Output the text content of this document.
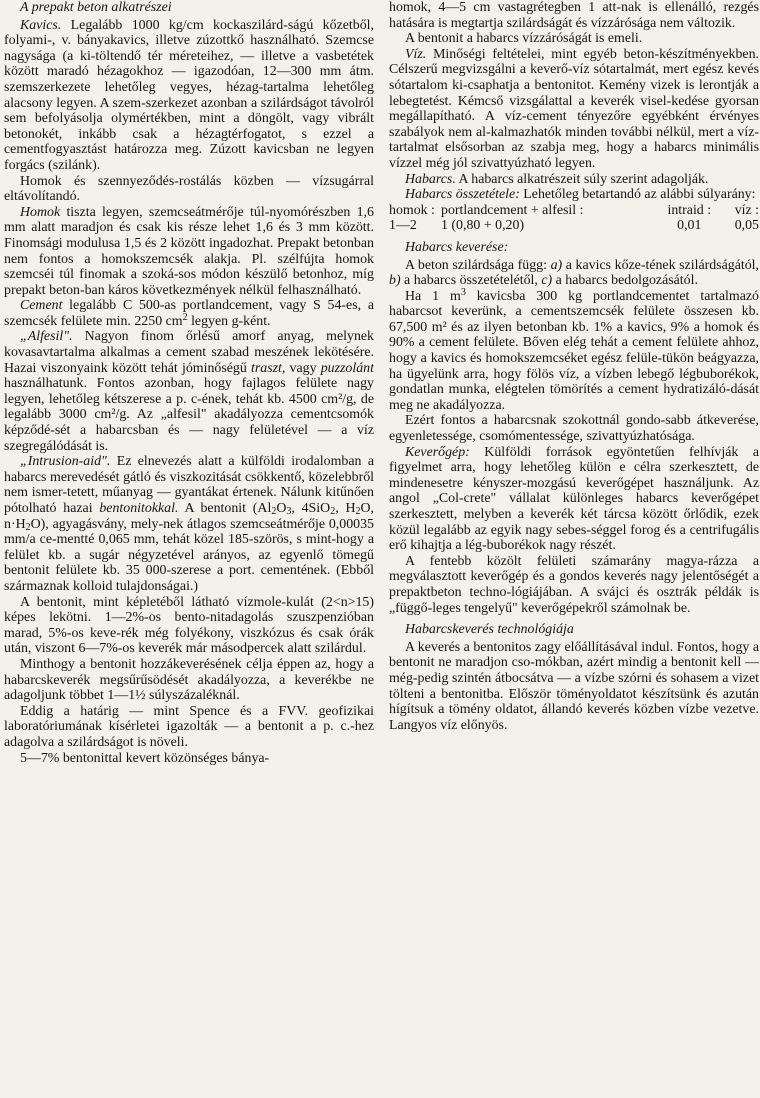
A prepakt beton alkatrészei

Kavics. Legalább 1000 kg/cm kockaszilárd-ságú kőzetből, folyami-, v. bányakavics, illetve zúzottkő használható. Szemcse nagysága (a ki-töltendő tér méreteihez, — illetve a vasbetétek között maradó hézagokhoz — igazodóan, 12—300 mm átm. szemszerkezete lehetőleg vegyes, hézag-tartalma lehetőleg alacsony legyen. A szem-szerkezet azonban a szilárdságot távolról sem befolyásolja olymértékben, mint a döngölt, vagy vibrált betonokét, inkább csak a hézagtérfogatot, s ezzel a cementfogyasztást határozza meg. Zúzott kavicsban ne legyen forgács (szilánk).

Homok és szennyeződés-rostálás közben — vízsugárral eltávolítandó.

Homok tiszta legyen, szemcseátmérője túl-nyomórészben 1,6 mm alatt maradjon és csak kis része lehet 1,6 és 3 mm között. Finomsági modulusa 1,5 és 2 között ingadozhat. Prepakt betonban nem fontos a homokszemcsék alakja. Pl. szélfújta homok szemcséi túl finomak a szoká-sos módon készülő betonhoz, míg prepakt beton-ban káros következmények nélkül felhasználható.

Cement legalább C 500-as portlandcement, vagy S 54-es, a szemcsék felülete min. 2250 $cm^2$ legyen g-ként.

„Alfesil". Nagyon finom őrlésű amorf anyag, melynek kovasavtartalma alkalmas a cement szabad meszének lekötésére. Hazai viszonyaink között tehát jóminőségű traszt, vagy puzzolánt használhatunk. Fontos azonban, hogy fajlagos felülete nagy legyen, lehetőleg kétszerese a p. c-ének, tehát kb. 4500 cm²/g, de legalább 3000 cm²/g. Az „alfesil" akadályozza cementcsomók képződé-sét a habarcsban és — nagy felületével — a víz szegregálódását is.

„Intrusion-aid". Ez elnevezés alatt a külföldi irodalomban a habarcs merevedését gátló és viszkozitását csökkentő, közelebbről nem ismer-tetett, műanyag — gyantákat értenek. Nálunk kitűnően pótolható hazai bentonitokkal. A bentonit ($Al_2O_3$, 4SiO$_2$, $H_2O$, $n\cdot H_2O$), agyagásvány, mely-nek átlagos szemcseátmérője 0,00035 mm/a ce-mentté 0,065 mm, tehát közel 185-szörös, s mint-hogy a felület kb. a sugár négyzetével arányos, az egyenlő tömegű bentonit felülete kb. 35 000-szerese a port. cementének. (Ebből származnak kolloid tulajdonságai.)

A bentonit, mint képletéből látható vízmole-kulát (2<n>15) képes lekötni. 1—2%-os bento-nitadagolás szuszpenzióban marad, 5%-os keve-rék még folyékony, viszkózus és csak órák után, viszont 6—7%-os keverék már másodpercek alatt szilárdul.

Minthogy a bentonit hozzákeverésének célja éppen az, hogy a habarcskeverék megsűrűsödését akadályozza, a keverékbe ne adagoljunk többet 1—1½ súlyszázaléknál.

Eddig a határig — mint Spence és a FVV. geofizikai laboratóriumának kísérletei igazolták — a bentonit a p. c.-hez adagolva a szilárdságot is növeli.

5—7% bentonittal kevert közönséges bánya-

homok, 4—5 cm vastagrétegben 1 att-nak is ellenálló, rezgés hatására is megtartja szilárdságát és vízzárósága nem változik.

A bentonit a habarcs vízzáróságát is emeli.

Víz. Minőségi feltételei, mint egyéb beton-készítményekben. Célszerű megvizsgálni a keverő-víz sótartalmát, mert egész kevés sótartalom ki-csaphatja a bentonitot. Kemény vizek is lerontják a lebegtetést. Kémcső vizsgálattal a keverék visel-kedése gyorsan megállapítható. A víz-cement tényezőre egyébként érvényes szabályok nem al-kalmazhatók minden további nélkül, mert a víz-tartalmat elsősorban az szabja meg, hogy a habarcs minimális vízzel még jól szivattyúzható legyen.

Habarcs. A habarcs alkatrészeit súly szerint adagolják.

Habarcs összetétele: Lehetőleg betartandó az alábbi súlyarány:

homok :	portlandcement + alfesil :	intraid :	víz :
1—2	1 (0,80 + 0,20)	0,01	0,05
Habarcs keverése:

A beton szilárdsága függ: a) a kavics kőze-tének szilárdságától, b) a habarcs összetételétől, c) a habarcs bedolgozásától.

Ha 1 $m^3$ kavicsba 300 kg portlandcementet tartalmazó habarcsot keverünk, a cementszemcsék felülete összesen kb. 67,500 m² és az ilyen betonban kb. 1% a kavics, 9% a homok és 90% a cement felülete. Bőven elég tehát a cement felülete ahhoz, hogy a kavics és homokszemcséket egész felüle-tükön beágyazza, ha ügyelünk arra, hogy fölös víz, a vízben lebegő légbuborékok, gondatlan munka, elégtelen tömörítés a cement hydratizáló-dását meg ne akadályozza.

Ezért fontos a habarcsnak szokottnál gondo-sabb átkeverése, egyenletessége, csomómentessége, szivattyúzhatósága.

Keverőgép: Külföldi források egyöntetűen felhívják a figyelmet arra, hogy lehetőleg külön e célra szerkesztett, de mindenesetre kényszer-mozgású keverőgépet használjunk. Az angol „Col-crete" vállalat különleges habarcs keverőgépet szerkesztett, melyben a keverék két tárcsa között őrlődik, ezek közül legalább az egyik nagy sebes-séggel forog és a centrifugális erő kihajtja a lég-buborékok nagy részét.

A fentebb közölt felületi számarány magya-rázza a megválasztott keverőgép és a gondos keverés nagy jelentőségét a prepaktbeton techno-lógiájában. A svájci és osztrák példák is „függő-leges tengelyű" keverőgépekről számolnak be.

Habarcskeverés technológiája

A keverés a bentonitos zagy előállításával indul. Fontos, hogy a bentonit ne maradjon cso-mókban, azért mindig a bentonit kell — még-pedig szintén átbocsátva — a vízbe szórni és sohasem a vizet tölteni a bentonitba. Először töményoldatot készítsünk és azután hígítsuk a tömény oldatot, állandó keverés közben vízbe vezetve. Langyos víz előnyös.
